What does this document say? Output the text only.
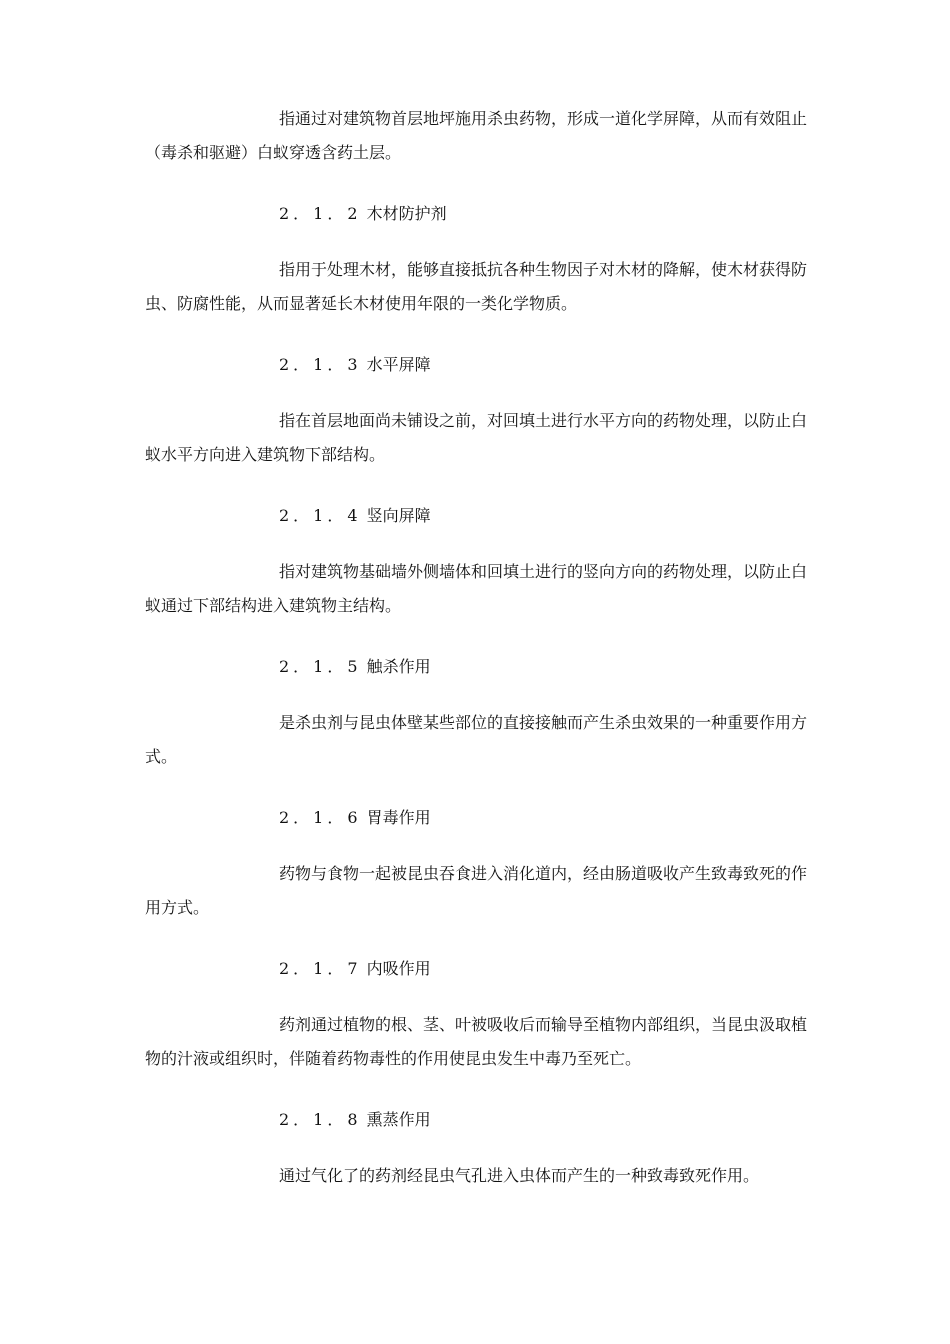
指通过对建筑物首层地坪施用杀虫药物，形成一道化学屏障，从而有效阻止（毒杀和驱避）白蚁穿透含药土层。

2．1．2 木材防护剂

指用于处理木材，能够直接抵抗各种生物因子对木材的降解，使木材获得防虫、防腐性能，从而显著延长木材使用年限的一类化学物质。

2．1．3 水平屏障

指在首层地面尚未铺设之前，对回填土进行水平方向的药物处理，以防止白蚁水平方向进入建筑物下部结构。

2．1．4 竖向屏障

指对建筑物基础墙外侧墙体和回填土进行的竖向方向的药物处理，以防止白蚁通过下部结构进入建筑物主结构。

2．1．5 触杀作用

是杀虫剂与昆虫体壁某些部位的直接接触而产生杀虫效果的一种重要作用方式。

2．1．6 胃毒作用

药物与食物一起被昆虫吞食进入消化道内，经由肠道吸收产生致毒致死的作用方式。

2．1．7 内吸作用

药剂通过植物的根、茎、叶被吸收后而输导至植物内部组织，当昆虫汲取植物的汁液或组织时，伴随着药物毒性的作用使昆虫发生中毒乃至死亡。

2．1．8 熏蒸作用

通过气化了的药剂经昆虫气孔进入虫体而产生的一种致毒致死作用。
